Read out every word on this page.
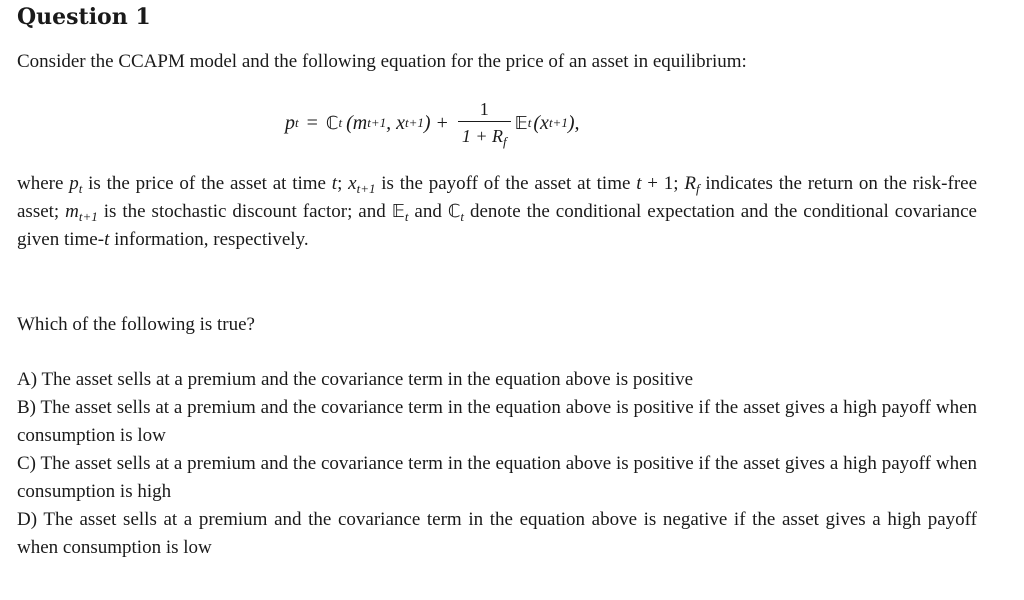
Question 1
Consider the CCAPM model and the following equation for the price of an asset in equilibrium:
p t = ℂ t (m t+1 , x t+1 ) + $\frac{1}{1 + R_f}$ 𝔼 t (x t+1 ),
where $p_t$ is the price of the asset at time t; $x_{t+1}$ is the payoff of the asset at time t + 1; $R_f$ indicates the return on the risk-free asset; $m_{t+1}$ is the stochastic discount factor; and 𝔼$_t$ and ℂ$_t$ denote the conditional expectation and the conditional covariance given time-t information, respectively.
Which of the following is true?
A) The asset sells at a premium and the covariance term in the equation above is positive
B) The asset sells at a premium and the covariance term in the equation above is positive if the asset gives a high payoff when consumption is low
C) The asset sells at a premium and the covariance term in the equation above is positive if the asset gives a high payoff when consumption is high
D) The asset sells at a premium and the covariance term in the equation above is negative if the asset gives a high payoff when consumption is low
